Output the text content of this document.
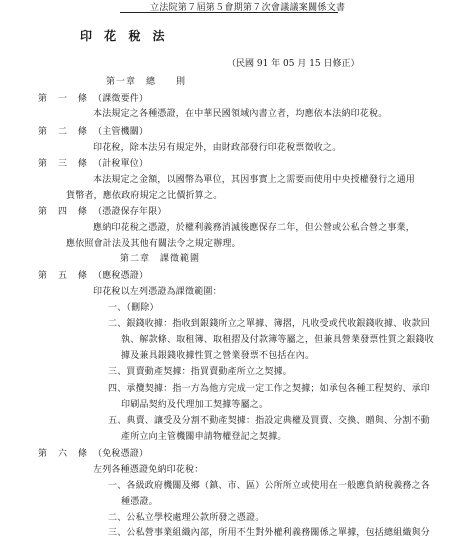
立法院第７屆第５會期第７次會議議案關係文書
印 花 稅 法
（民國 91 年 05 月 15 日修正）
第一章　總　　則
第　一　條 （課徵要件）
本法規定之各種憑證，在中華民國領域內書立者，均應依本法納印花稅。
第　二　條 （主管機關）
印花稅，除本法另有規定外，由財政部發行印花稅票徵收之。
第　三　條 （計稅單位）
本法規定之金額，以國幣為單位，其因事實上之需要而使用中央授權發行之通用
貨幣者，應依政府規定之比價折算之。
第　四　條 （憑證保存年限）
應納印花稅之憑證，於權利義務消滅後應保存二年，但公營或公私合營之事業，
應依照會計法及其他有關法令之規定辦理。
第二章　課徵範圍
第　五　條 （應稅憑證）
印花稅以左列憑證為課徵範圍：
一、（刪除）
二、銀錢收據：指收到銀錢所立之單據、簿摺，凡收受或代收銀錢收據、收款回
執、解款條、取租簿、取租摺及付款簿等屬之，但兼具營業發票性質之銀錢收
據及兼具銀錢收據性質之營業發票不包括在內。
三、買賣動產契據：指買賣動產所立之契據。
四、承攬契據：指一方為他方完成一定工作之契據；如承包各種工程契約、承印
印刷品契約及代理加工契據等屬之。
五、典賣、讓受及分割不動產契據：指設定典權及買賣、交換、贈與、分割不動
產所立向主管機關申請物權登記之契據。
第　六　條 （免稅憑證）
左列各種憑證免納印花稅：
一、各級政府機關及鄉（鎮、市、區）公所所立或使用在一般應負納稅義務之各
種憑證。
二、公私立學校處理公款所發之憑證。
三、公私營事業組織內部，所用不生對外權利義務關係之單據，包括總組織與分
